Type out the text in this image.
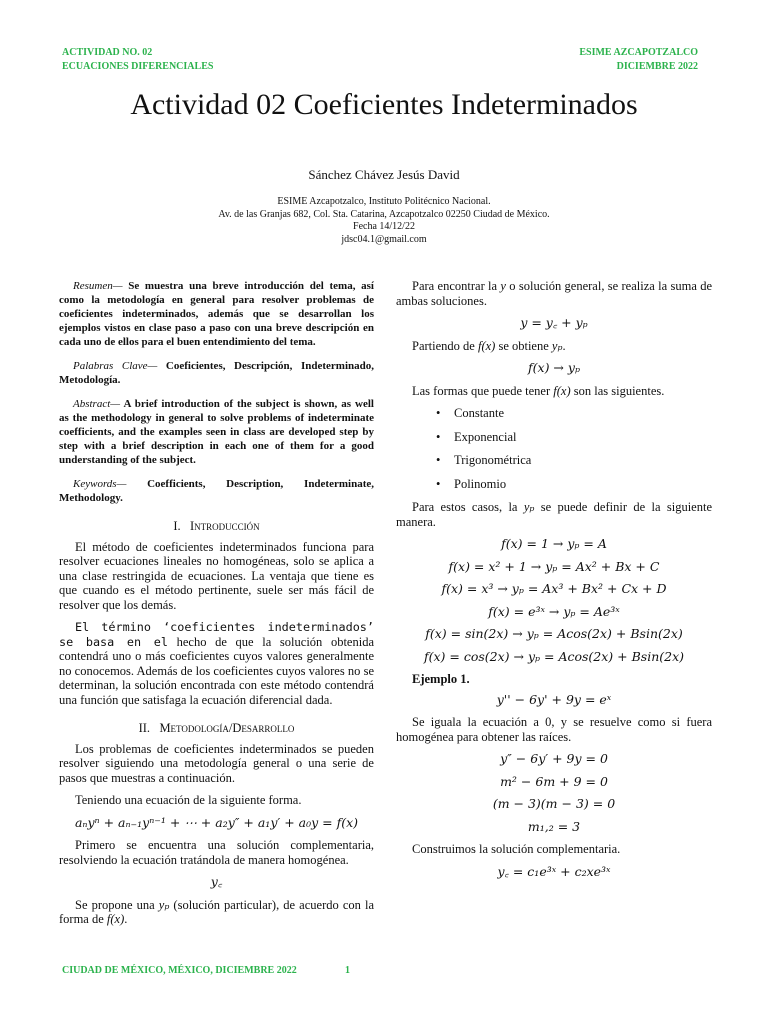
ACTIVIDAD NO. 02
ECUACIONES DIFERENCIALES
ESIME AZCAPOTZALCO
DICIEMBRE 2022
Actividad 02 Coeficientes Indeterminados
Sánchez Chávez Jesús David
ESIME Azcapotzalco, Instituto Politécnico Nacional.
Av. de las Granjas 682, Col. Sta. Catarina, Azcapotzalco 02250 Ciudad de México.
Fecha 14/12/22
jdsc04.1@gmail.com

Resumen— Se muestra una breve introducción del tema, así como la metodología en general para resolver problemas de coeficientes indeterminados, además que se desarrollan los ejemplos vistos en clase paso a paso con una breve descripción en cada uno de ellos para el buen entendimiento del tema.

Palabras Clave— Coeficientes, Descripción, Indeterminado, Metodología.

Abstract— A brief introduction of the subject is shown, as well as the methodology in general to solve problems of indeterminate coefficients, and the examples seen in class are developed step by step with a brief description in each one of them for a good understanding of the subject.

Keywords— Coefficients, Description, Indeterminate, Methodology.

I. Introducción

El método de coeficientes indeterminados funciona para resolver ecuaciones lineales no homogéneas, solo se aplica a una clase restringida de ecuaciones. La ventaja que tiene es que cuando es el método pertinente, suele ser más fácil de resolver que los demás.

El término ‘coeficientes indeterminados’ se basa en el hecho de que la solución obtenida contendrá uno o más coeficientes cuyos valores generalmente no conocemos. Además de los coeficientes cuyos valores no se determinan, la solución encontrada con este método contendrá una función que satisfaga la ecuación diferencial dada.

II. Metodología/Desarrollo

Los problemas de coeficientes indeterminados se pueden resolver siguiendo una metodología general o una serie de pasos que muestras a continuación.

Teniendo una ecuación de la siguiente forma.

aₙyⁿ + aₙ₋₁yⁿ⁻¹ + ⋯ + a₂y″ + a₁y′ + a₀y = f(x)

Primero se encuentra una solución complementaria, resolviendo la ecuación tratándola de manera homogénea.

y꜀

Se propone una yₚ (solución particular), de acuerdo con la forma de f(x).

Para encontrar la y o solución general, se realiza la suma de ambas soluciones.

y = y꜀ + yₚ

Partiendo de f(x) se obtiene yₚ.

f(x) → yₚ

Las formas que puede tener f(x) son las siguientes.

• Constante
• Exponencial
• Trigonométrica
• Polinomio

Para estos casos, la yₚ se puede definir de la siguiente manera.

f(x) = 1 → yₚ = A
f(x) = x² + 1 → yₚ = Ax² + Bx + C
f(x) = x³ → yₚ = Ax³ + Bx² + Cx + D
f(x) = e³ˣ → yₚ = Ae³ˣ
f(x) = sin(2x) → yₚ = Acos(2x) + Bsin(2x)
f(x) = cos(2x) → yₚ = Acos(2x) + Bsin(2x)
Ejemplo 1.
y'' − 6y' + 9y = eˣ

Se iguala la ecuación a 0, y se resuelve como si fuera homogénea para obtener las raíces.

y″ − 6y′ + 9y = 0
m² − 6m + 9 = 0
(m − 3)(m − 3) = 0
m₁,₂ = 3

Construimos la solución complementaria.

y꜀ = c₁e³ˣ + c₂xe³ˣ
CIUDAD DE MÉXICO, MÉXICO, DICIEMBRE 2022	1
